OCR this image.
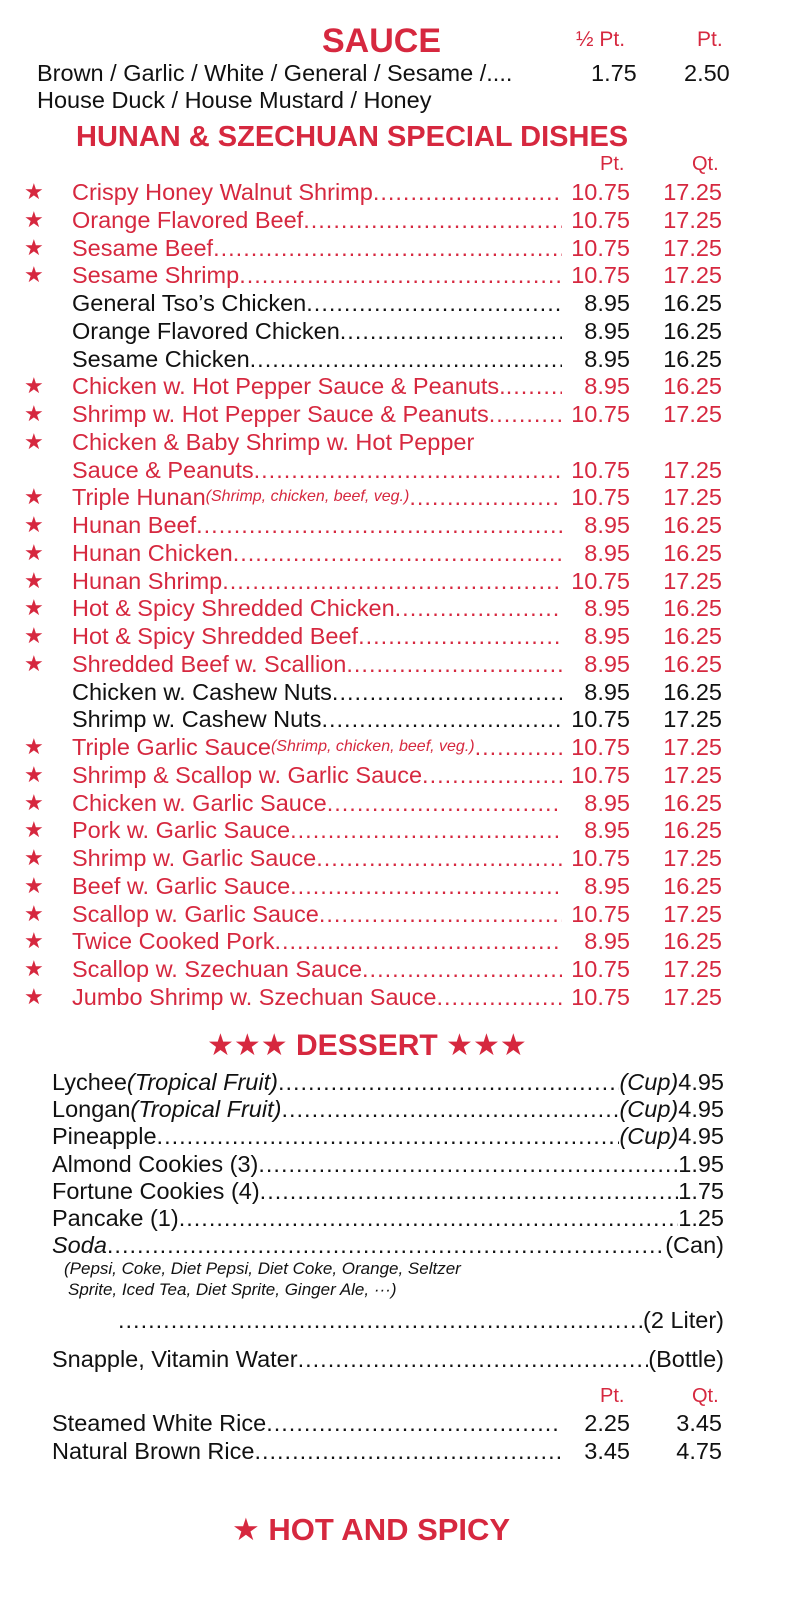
SAUCE	½ Pt.	Pt.
Brown / Garlic / White / General / Sesame /....	1.75 2.50
House Duck / House Mustard / Honey
HUNAN & SZECHUAN SPECIAL DISHES
Pt.	Qt.
★ Crispy Honey Walnut Shrimp .....	10.75 17.25
★ Orange Flavored Beef .....	10.75 17.25
★ Sesame Beef .....	10.75 17.25
★ Sesame Shrimp .....	10.75 17.25
General Tso’s Chicken .....	8.95 16.25
Orange Flavored Chicken .....	8.95 16.25
Sesame Chicken .....	8.95 16.25
★ Chicken w. Hot Pepper Sauce & Peanuts. .....	8.95 16.25
★ Shrimp w. Hot Pepper Sauce & Peanuts .....	10.75 17.25
★ Chicken & Baby Shrimp w. Hot Pepper
Sauce & Peanuts .....	10.75 17.25
★ Triple Hunan (Shrimp, chicken, beef, veg.) .....	10.75 17.25
★ Hunan Beef .....	8.95 16.25
★ Hunan Chicken .....	8.95 16.25
★ Hunan Shrimp .....	10.75 17.25
★ Hot & Spicy Shredded Chicken .....	8.95 16.25
★ Hot & Spicy Shredded Beef .....	8.95 16.25
★ Shredded Beef w. Scallion .....	8.95 16.25
Chicken w. Cashew Nuts .....	8.95 16.25
Shrimp w. Cashew Nuts .....	10.75 17.25
★ Triple Garlic Sauce (Shrimp, chicken, beef, veg.) .....	10.75 17.25
★ Shrimp & Scallop w. Garlic Sauce .....	10.75 17.25
★ Chicken w. Garlic Sauce .....	8.95 16.25
★ Pork w. Garlic Sauce .....	8.95 16.25
★ Shrimp w. Garlic Sauce .....	10.75 17.25
★ Beef w. Garlic Sauce .....	8.95 16.25
★ Scallop w. Garlic Sauce .....	10.75 17.25
★ Twice Cooked Pork .....	8.95 16.25
★ Scallop w. Szechuan Sauce .....	10.75 17.25
★ Jumbo Shrimp w. Szechuan Sauce .....	10.75 17.25
★★★ DESSERT ★★★
Lychee (Tropical Fruit) .....	(Cup) 4.95
Longan (Tropical Fruit) .....	(Cup) 4.95
Pineapple .....	(Cup) 4.95
Almond Cookies (3) .....	1.95
Fortune Cookies (4) .....	1.75
Pancake (1) .....	1.25
Soda .....	(Can)
(Pepsi, Coke, Diet Pepsi, Diet Coke, Orange, Seltzer
Sprite, Iced Tea, Diet Sprite, Ginger Ale, ···)
.....
(2 Liter)
Snapple, Vitamin Water .....	(Bottle)
Pt.	Qt.
Steamed White Rice .....	2.25 3.45
Natural Brown Rice .....	3.45 4.75
★ HOT AND SPICY
